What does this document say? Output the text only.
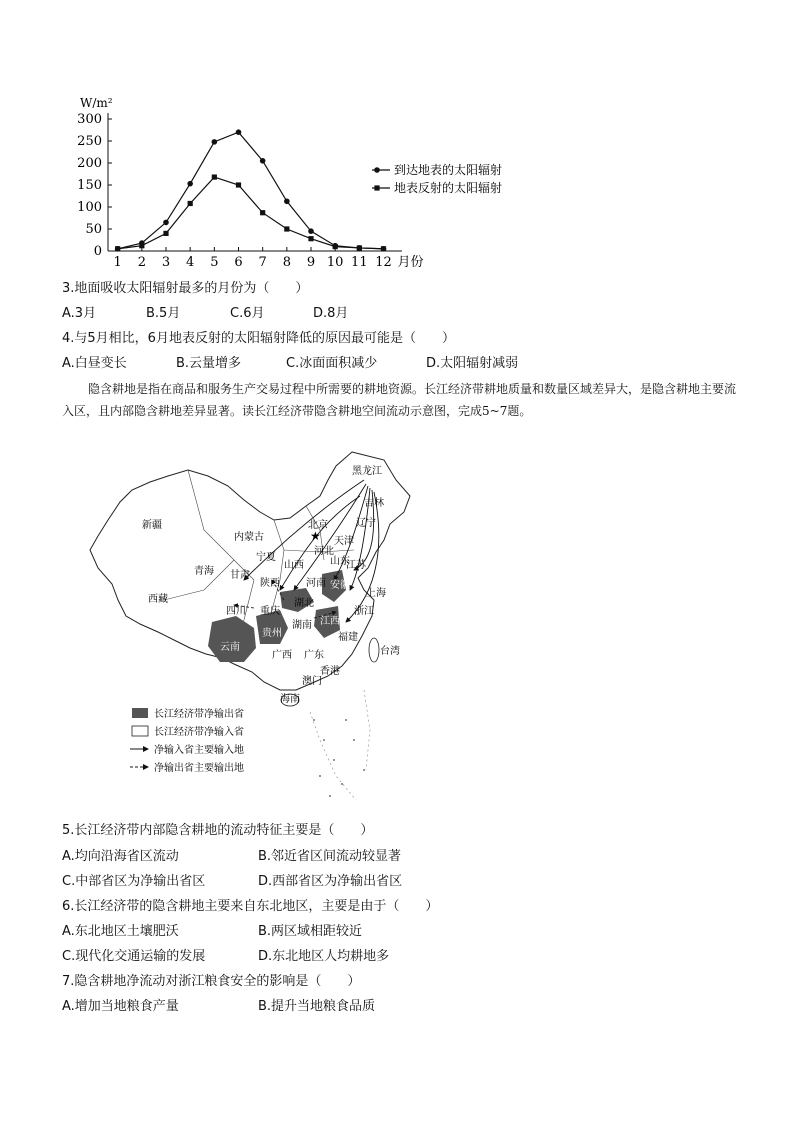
W/m²
0
50
100
150
200
250
300
1 2 3 4 5 6 7 8 9 10 11 12 月份
到达地表的太阳辐射
地表反射的太阳辐射
3.地面吸收太阳辐射最多的月份为（　　）
A.3月	B.5月	C.6月	D.8月
4.与5月相比，6月地表反射的太阳辐射降低的原因最可能是（　　）
A.白昼变长	B.云量增多	C.冰面面积减少	D.太阳辐射减弱
隐含耕地是指在商品和服务生产交易过程中所需要的耕地资源。长江经济带耕地质量和数量区域差异大，是隐含耕地主要流入区，且内部隐含耕地差异显著。读长江经济带隐含耕地空间流动示意图，完成5~7题。
★
黑龙江
吉林
辽宁
北京
天津
河北
山东
内蒙古
新疆
青海
西藏
甘肃
宁夏
陕西
山西
河南
四川 重庆
湖北
安徽
江苏
上海
浙江
江西
湖南
贵州
云南
广西 广东
福建
台湾
香港
澳门
海南
长江经济带净输出省
长江经济带净输入省
净输入省主要输入地
净输出省主要输出地
5.长江经济带内部隐含耕地的流动特征主要是（　　）
A.均向沿海省区流动	B.邻近省区间流动较显著
C.中部省区为净输出省区	D.西部省区为净输出省区
6.长江经济带的隐含耕地主要来自东北地区，主要是由于（　　）
A.东北地区土壤肥沃	B.两区域相距较近
C.现代化交通运输的发展	D.东北地区人均耕地多
7.隐含耕地净流动对浙江粮食安全的影响是（　　）
A.增加当地粮食产量	B.提升当地粮食品质
